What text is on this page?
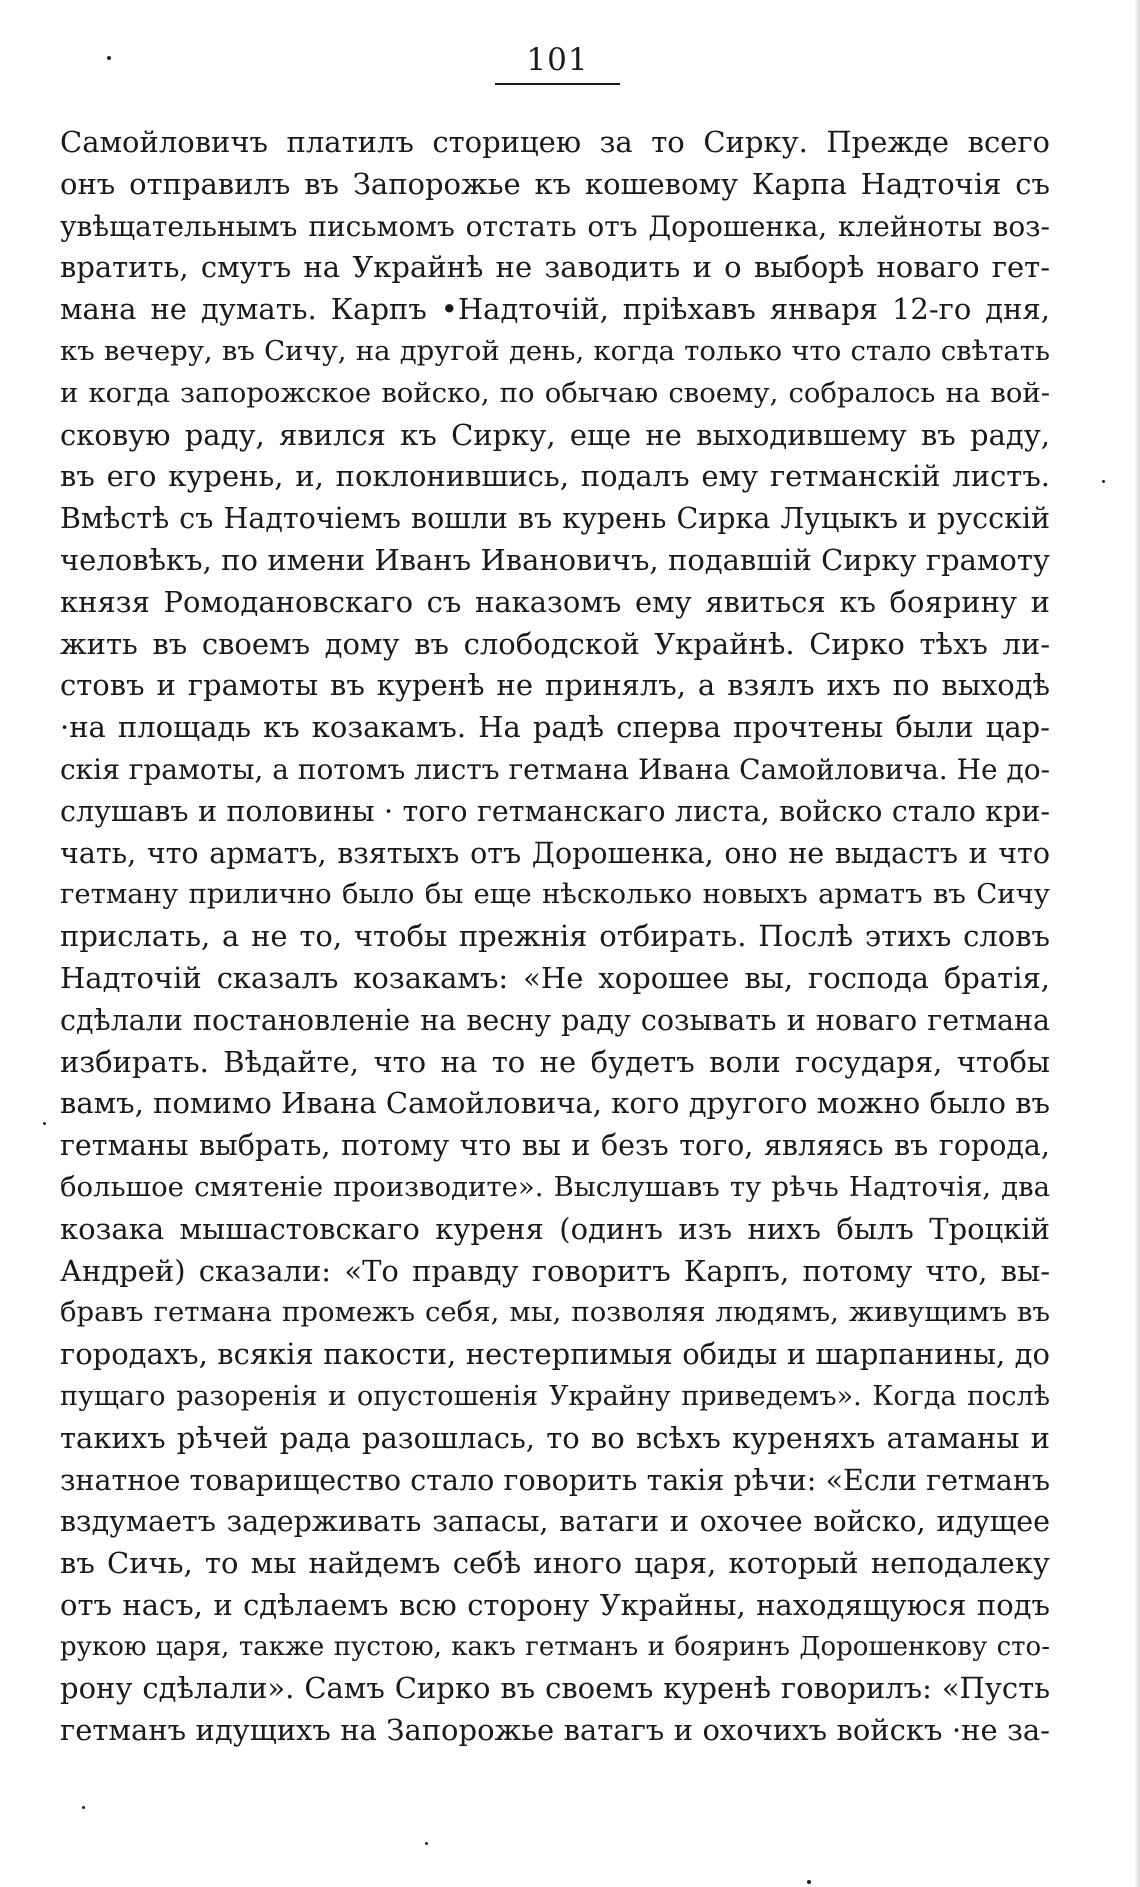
101
Самойловичъ платилъ сторицею за то Сирку. Прежде всего
онъ отправилъ въ Запорожье къ кошевому Карпа Надточія съ
увѣщательнымъ письмомъ отстать отъ Дорошенка, клейноты воз-
вратить, смутъ на Украйнѣ не заводить и о выборѣ новаго гет-
мана не думать. Карпъ •Надточій, пріѣхавъ января 12-го дня,
къ вечеру, въ Сичу, на другой день, когда только что стало свѣтать
и когда запорожское войско, по обычаю своему, собралось на вой-
сковую раду, явился къ Сирку, еще не выходившему въ раду,
въ его курень, и, поклонившись, подалъ ему гетманскій листъ.
Вмѣстѣ съ Надточіемъ вошли въ курень Сирка Луцыкъ и русскій
человѣкъ, по имени Иванъ Ивановичъ, подавшій Сирку грамоту
князя Ромодановскаго съ наказомъ ему явиться къ боярину и
жить въ своемъ дому въ слободской Украйнѣ. Сирко тѣхъ ли-
стовъ и грамоты въ куренѣ не принялъ, а взялъ ихъ по выходѣ
·на площадь къ козакамъ. На радѣ сперва прочтены были цар-
скія грамоты, а потомъ листъ гетмана Ивана Самойловича. Не до-
слушавъ и половины · того гетманскаго листа, войско стало кри-
чать, что арматъ, взятыхъ отъ Дорошенка, оно не выдастъ и что
гетману прилично было бы еще нѣсколько новыхъ арматъ въ Сичу
прислать, а не то, чтобы прежнія отбирать. Послѣ этихъ словъ
Надточій сказалъ козакамъ: «Не хорошее вы, господа братія,
сдѣлали постановленіе на весну раду созывать и новаго гетмана
избирать. Вѣдайте, что на то не будетъ воли государя, чтобы
вамъ, помимо Ивана Самойловича, кого другого можно было въ
гетманы выбрать, потому что вы и безъ того, являясь въ города,
большое смятеніе производите». Выслушавъ ту рѣчь Надточія, два
козака мышастовскаго куреня (одинъ изъ нихъ былъ Троцкій
Андрей) сказали: «То правду говоритъ Карпъ, потому что, вы-
бравъ гетмана промежъ себя, мы, позволяя людямъ, живущимъ въ
городахъ, всякія пакости, нестерпимыя обиды и шарпанины, до
пущаго разоренія и опустошенія Украйну приведемъ». Когда послѣ
такихъ рѣчей рада разошлась, то во всѣхъ куреняхъ атаманы и
знатное товарищество стало говорить такія рѣчи: «Если гетманъ
вздумаетъ задерживать запасы, ватаги и охочее войско, идущее
въ Сичь, то мы найдемъ себѣ иного царя, который неподалеку
отъ насъ, и сдѣлаемъ всю сторону Украйны, находящуюся подъ
рукою царя, также пустою, какъ гетманъ и бояринъ Дорошенкову сто-
рону сдѣлали». Самъ Сирко въ своемъ куренѣ говорилъ: «Пусть
гетманъ идущихъ на Запорожье ватагъ и охочихъ войскъ ·не за-
